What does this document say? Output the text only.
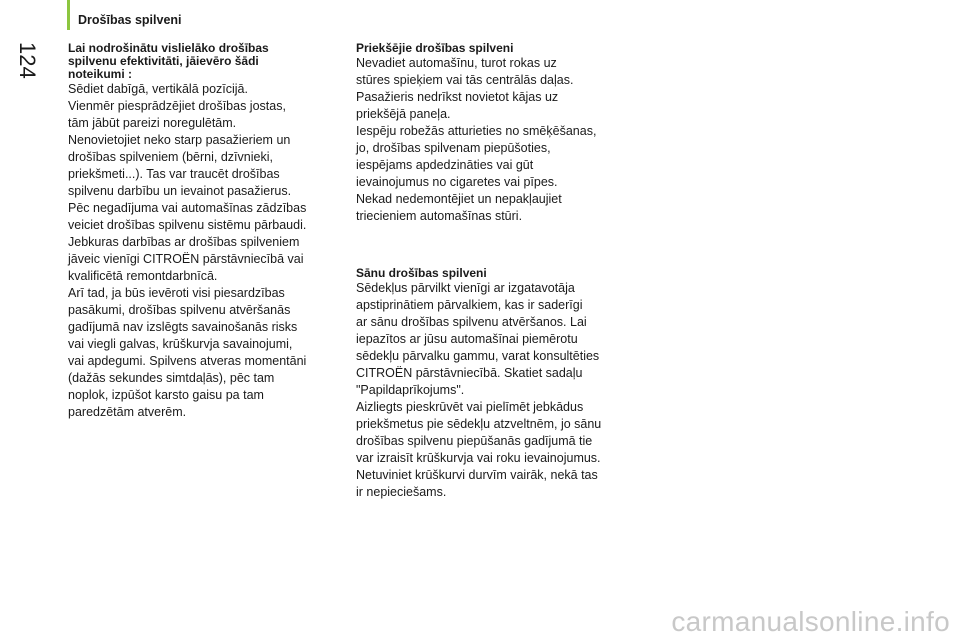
Drošības spilveni
124 Lai nodrošinātu vislielāko drošības
spilvenu efektivitāti, jāievēro šādi
noteikumi :

Sēdiet dabīgā, vertikālā pozīcijā.

Vienmēr piesprādzējiet drošības jostas,
tām jābūt pareizi noregulētām.

Nenovietojiet neko starp pasažieriem un
drošības spilveniem (bērni, dzīvnieki,
priekšmeti...). Tas var traucēt drošības
spilvenu darbību un ievainot pasažierus.

Pēc negadījuma vai automašīnas zādzības
veiciet drošības spilvenu sistēmu pārbaudi.

Jebkuras darbības ar drošības spilveniem
jāveic vienīgi CITROËN pārstāvniecībā vai
kvalificētā remontdarbnīcā.

Arī tad, ja būs ievēroti visi piesardzības
pasākumi, drošības spilvenu atvēršanās
gadījumā nav izslēgts savainošanās risks
vai viegli galvas, krūškurvja savainojumi,
vai apdegumi. Spilvens atveras momentāni
(dažās sekundes simtdaļās), pēc tam
noplok, izpūšot karsto gaisu pa tam
paredzētām atverēm.

Priekšējie drošības spilveni

Nevadiet automašīnu, turot rokas uz
stūres spieķiem vai tās centrālās daļas.

Pasažieris nedrīkst novietot kājas uz
priekšējā paneļa.

Iespēju robežās atturieties no smēķēšanas,
jo, drošības spilvenam piepūšoties,
iespējams apdedzināties vai gūt
ievainojumus no cigaretes vai pīpes.

Nekad nedemontējiet un nepakļaujiet
triecieniem automašīnas stūri.

Sānu drošības spilveni

Sēdekļus pārvilkt vienīgi ar izgatavotāja
apstiprinātiem pārvalkiem, kas ir saderīgi
ar sānu drošības spilvenu atvēršanos. Lai
iepazītos ar jūsu automašīnai piemērotu
sēdekļu pārvalku gammu, varat konsultēties
CITROËN pārstāvniecībā. Skatiet sadaļu
"Papildaprīkojums".

Aizliegts pieskrūvēt vai pielīmēt jebkādus
priekšmetus pie sēdekļu atzveltnēm, jo sānu
drošības spilvenu piepūšanās gadījumā tie
var izraisīt krūškurvja vai roku ievainojumus.

Netuviniet krūškurvi durvīm vairāk, nekā tas
ir nepieciešams.

carmanualsonline.info
